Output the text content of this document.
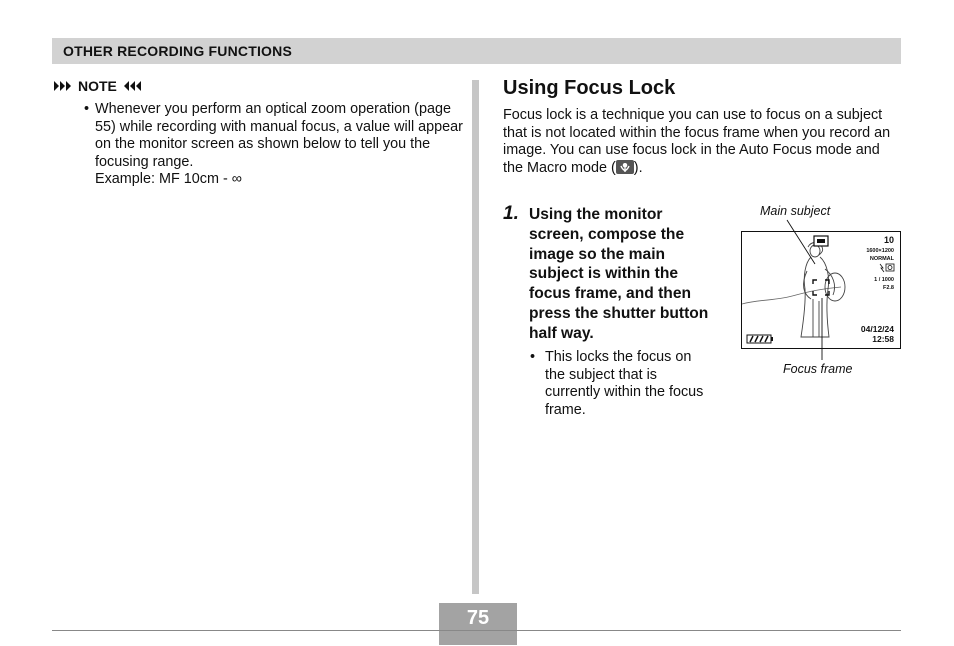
OTHER RECORDING FUNCTIONS
NOTE
• Whenever you perform an optical zoom operation (page 55) while recording with manual focus, a value will appear on the monitor screen as shown below to tell you the focusing range.
Example: MF 10cm - ∞
Using Focus Lock
Focus lock is a technique you can use to focus on a subject that is not located within the focus frame when you record an image. You can use focus lock in the Auto Focus mode and the Macro mode ( ).
1. Using the monitor screen, compose the image so the main subject is within the focus frame, and then press the shutter button half way.
• This locks the focus on the subject that is currently within the focus frame.
Main subject
10
1600×1200
NORMAL
1 / 1000
F2.8
04/12/24
12:58
Focus frame
75
